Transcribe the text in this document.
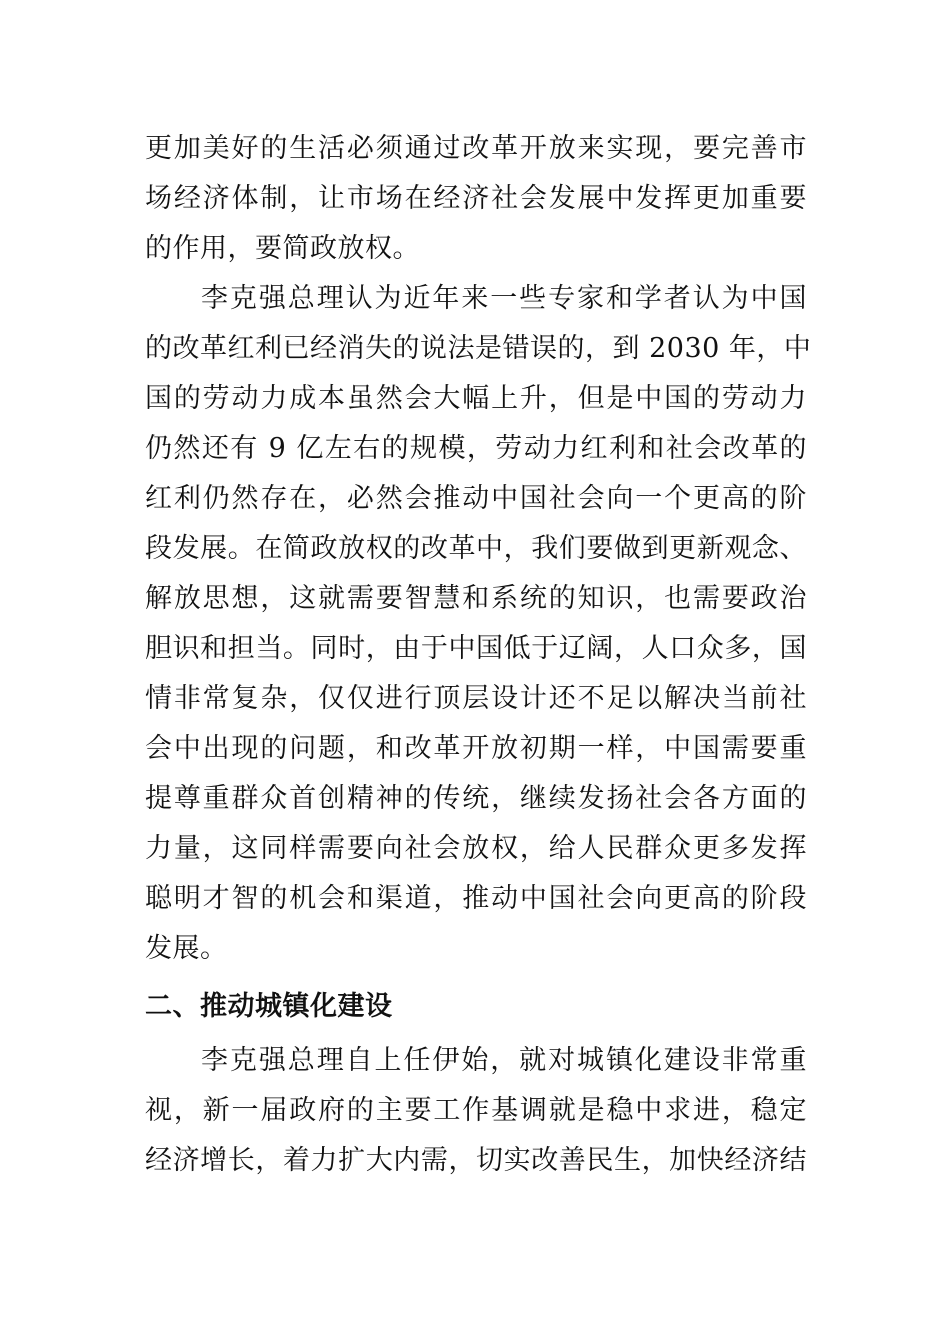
更加美好的生活必须通过改革开放来实现，要完善市
场经济体制，让市场在经济社会发展中发挥更加重要
的作用，要简政放权。
李克强总理认为近年来一些专家和学者认为中国
的改革红利已经消失的说法是错误的，到 2030 年，中
国的劳动力成本虽然会大幅上升，但是中国的劳动力
仍然还有 9 亿左右的规模，劳动力红利和社会改革的
红利仍然存在，必然会推动中国社会向一个更高的阶
段发展。在简政放权的改革中，我们要做到更新观念、
解放思想，这就需要智慧和系统的知识，也需要政治
胆识和担当。同时，由于中国低于辽阔，人口众多，国
情非常复杂，仅仅进行顶层设计还不足以解决当前社
会中出现的问题，和改革开放初期一样，中国需要重
提尊重群众首创精神的传统，继续发扬社会各方面的
力量，这同样需要向社会放权，给人民群众更多发挥
聪明才智的机会和渠道，推动中国社会向更高的阶段
发展。
二、推动城镇化建设
李克强总理自上任伊始，就对城镇化建设非常重
视，新一届政府的主要工作基调就是稳中求进，稳定
经济增长，着力扩大内需，切实改善民生，加快经济结
